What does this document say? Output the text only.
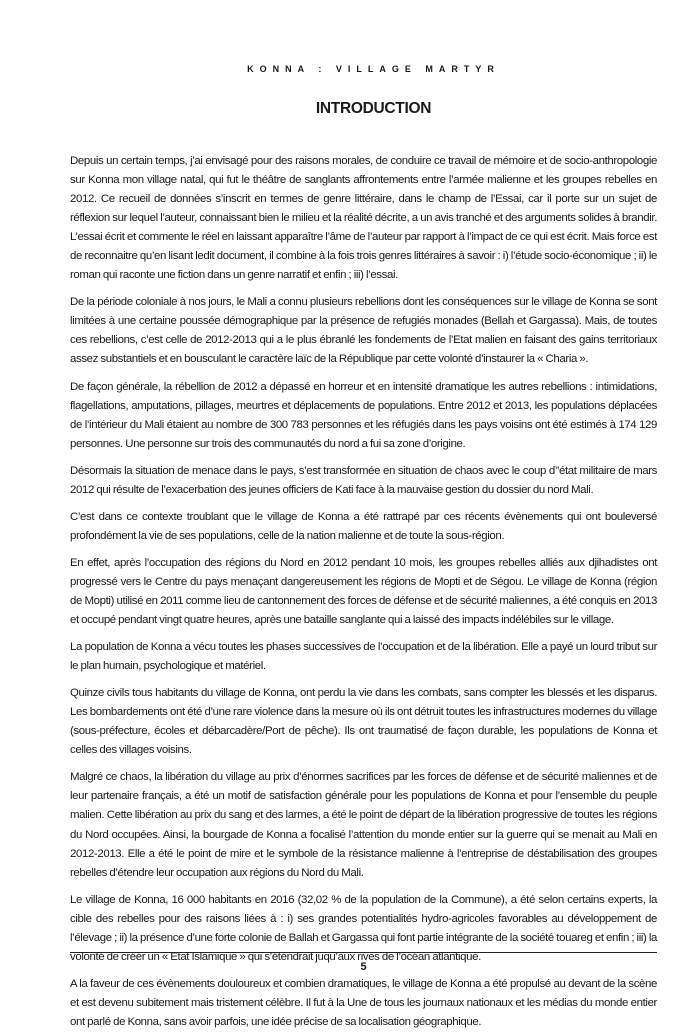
KONNA : VILLAGE MARTYR
INTRODUCTION

Depuis un certain temps, j’ai envisagé pour des raisons morales, de conduire ce travail de mémoire et de socio-anthropologie sur Konna mon village natal, qui fut le théâtre de sanglants affrontements entre l’armée malienne et les groupes rebelles en 2012. Ce recueil de données s’inscrit en termes de genre littéraire, dans le champ de l’Essai, car il porte sur un sujet de réflexion sur lequel l’auteur, connaissant bien le milieu et la réalité décrite, a un avis tranché et des arguments solides à brandir. L’essai écrit et commente le réel en laissant apparaître l’âme de l’auteur par rapport à l’impact de ce qui est écrit. Mais force est de reconnaitre qu’en lisant ledit document, il combine à la fois trois genres littéraires à savoir : i) l’étude socio-économique ; ii) le roman qui raconte une fiction dans un genre narratif et enfin ; iii) l’essai.

De la période coloniale à nos jours, le Mali a connu plusieurs rebellions dont les conséquences sur le village de Konna se sont limitées à une certaine poussée démographique par la présence de refugiés monades (Bellah et Gargassa). Mais, de toutes ces rebellions, c’est celle de 2012-2013 qui a le plus ébranlé les fondements de l’Etat malien en faisant des gains territoriaux assez substantiels et en bousculant le caractère laïc de la République par cette volonté d’instaurer la « Charia ».

De façon générale, la rébellion de 2012 a dépassé en horreur et en intensité dramatique les autres rebellions : intimidations, flagellations, amputations, pillages, meurtres et déplacements de populations. Entre 2012 et 2013, les populations déplacées de l’intérieur du Mali étaient au nombre de 300 783 personnes et les réfugiés dans les pays voisins ont été estimés à 174 129 personnes. Une personne sur trois des communautés du nord a fui sa zone d’origine.

Désormais la situation de menace dans le pays, s’est transformée en situation de chaos avec le coup d’’état militaire de mars 2012 qui résulte de l’exacerbation des jeunes officiers de Kati face à la mauvaise gestion du dossier du nord Mali.

C’est dans ce contexte troublant que le village de Konna a été rattrapé par ces récents évènements qui ont bouleversé profondément la vie de ses populations, celle de la nation malienne et de toute la sous-région.

En effet, après l’occupation des régions du Nord en 2012 pendant 10 mois, les groupes rebelles alliés aux djihadistes ont progressé vers le Centre du pays menaçant dangereusement les régions de Mopti et de Ségou. Le village de Konna (région de Mopti) utilisé en 2011 comme lieu de cantonnement des forces de défense et de sécurité maliennes, a été conquis en 2013 et occupé pendant vingt quatre heures, après une bataille sanglante qui a laissé des impacts indélébiles sur le village.

La population de Konna a vécu toutes les phases successives de l’occupation et de la libération. Elle a payé un lourd tribut sur le plan humain, psychologique et matériel.

Quinze civils tous habitants du village de Konna, ont perdu la vie dans les combats, sans compter les blessés et les disparus. Les bombardements ont été d’une rare violence dans la mesure où ils ont détruit toutes les infrastructures modernes du village (sous-préfecture, écoles et débarcadère/Port de pêche). Ils ont traumatisé de façon durable, les populations de Konna et celles des villages voisins.

Malgré ce chaos, la libération du village au prix d’énormes sacrifices par les forces de défense et de sécurité maliennes et de leur partenaire français, a été un motif de satisfaction générale pour les populations de Konna et pour l’ensemble du peuple malien. Cette libération au prix du sang et des larmes, a été le point de départ de la libération progressive de toutes les régions du Nord occupées. Ainsi, la bourgade de Konna a focalisé l’attention du monde entier sur la guerre qui se menait au Mali en 2012-2013. Elle a été le point de mire et le symbole de la résistance malienne à l’entreprise de déstabilisation des groupes rebelles d’étendre leur occupation aux régions du Nord du Mali.

Le village de Konna, 16 000 habitants en 2016 (32,02 % de la population de la Commune), a été selon certains experts, la cible des rebelles pour des raisons liées à : i) ses grandes potentialités hydro-agricoles favorables au développement de l’élevage ; ii) la présence d’une forte colonie de Ballah et Gargassa qui font partie intégrante de la société touareg et enfin ; iii) la volonté de créér un « Etat Islamique » qui s’étendrait juqu’aux rives de l’océan atlantique.

A la faveur de ces évènements douloureux et combien dramatiques, le village de Konna a été propulsé au devant de la scène et est devenu subitement mais tristement célèbre. Il fut à la Une de tous les journaux nationaux et les médias du monde entier ont parlé de Konna, sans avoir parfois, une idée précise de sa localisation géographique.

5
